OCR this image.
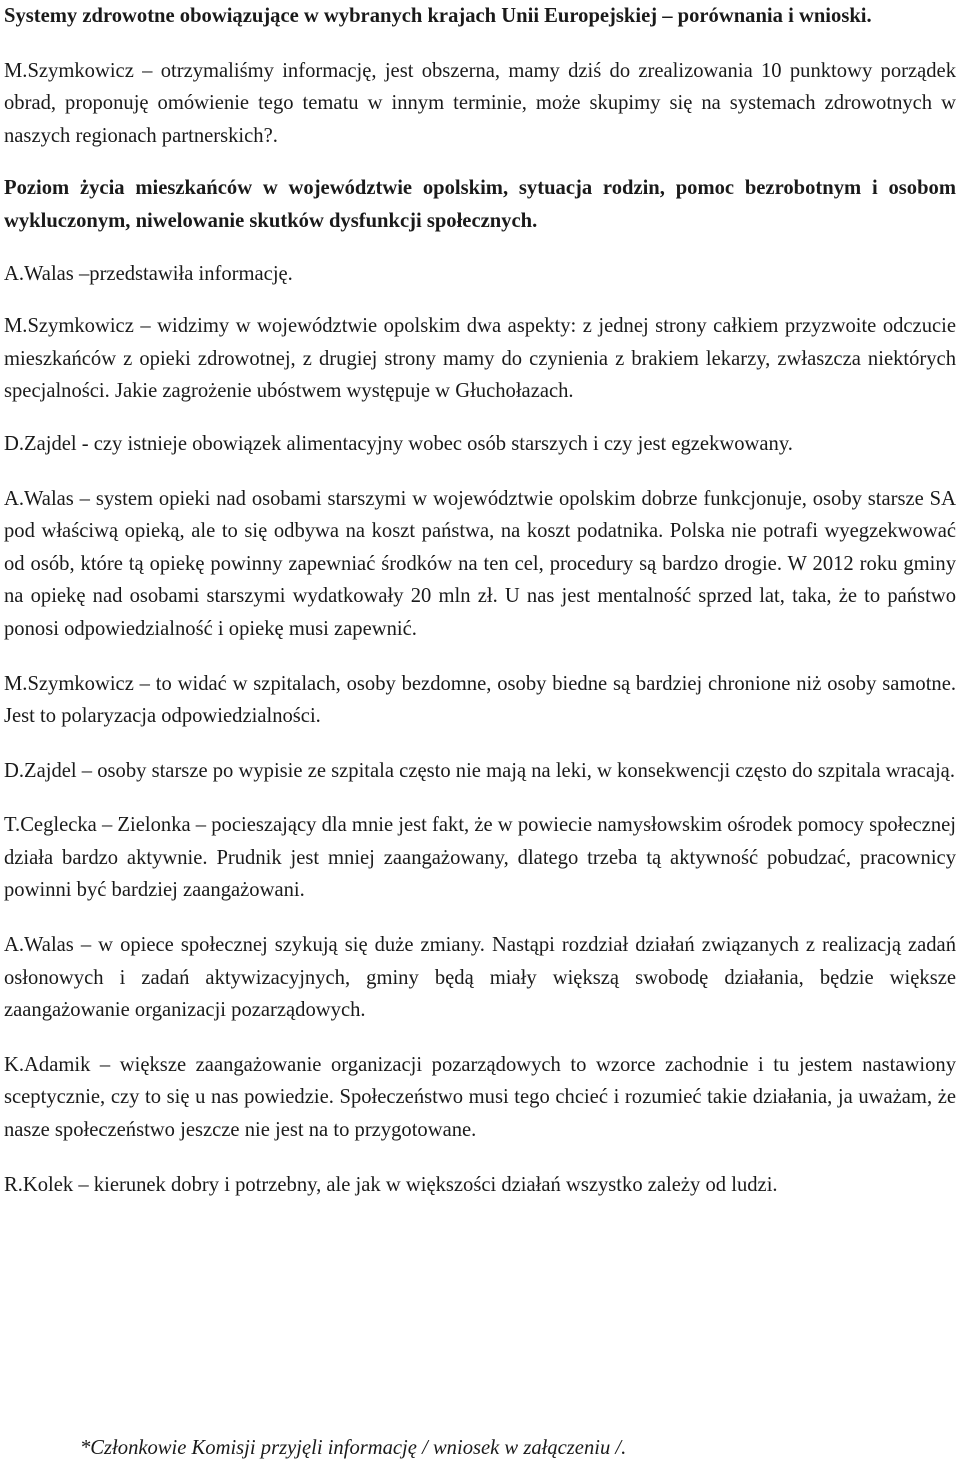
Systemy zdrowotne obowiązujące w wybranych krajach Unii Europejskiej – porównania i wnioski.

M.Szymkowicz – otrzymaliśmy informację, jest obszerna, mamy dziś do zrealizowania 10 punktowy porządek obrad, proponuję omówienie tego tematu w innym terminie, może skupimy się na systemach zdrowotnych w naszych regionach partnerskich?.

Poziom życia mieszkańców w województwie opolskim, sytuacja rodzin, pomoc bezrobotnym i osobom wykluczonym, niwelowanie skutków dysfunkcji społecznych.

A.Walas –przedstawiła informację.

M.Szymkowicz – widzimy w województwie opolskim dwa aspekty: z jednej strony całkiem przyzwoite odczucie mieszkańców z opieki zdrowotnej, z drugiej strony mamy do czynienia z brakiem lekarzy, zwłaszcza niektórych specjalności. Jakie zagrożenie ubóstwem występuje w Głuchołazach.

D.Zajdel - czy istnieje obowiązek alimentacyjny wobec osób starszych i czy jest egzekwowany.

A.Walas – system opieki nad osobami starszymi w województwie opolskim dobrze funkcjonuje, osoby starsze SA pod właściwą opieką, ale to się odbywa na koszt państwa, na koszt podatnika. Polska nie potrafi wyegzekwować od osób, które tą opiekę powinny zapewniać środków na ten cel, procedury są bardzo drogie. W 2012 roku gminy na opiekę nad osobami starszymi wydatkowały 20 mln zł. U nas jest mentalność sprzed lat, taka, że to państwo ponosi odpowiedzialność i opiekę musi zapewnić.

M.Szymkowicz – to widać w szpitalach, osoby bezdomne, osoby biedne są bardziej chronione niż osoby samotne. Jest to polaryzacja odpowiedzialności.

D.Zajdel – osoby starsze po wypisie ze szpitala często nie mają na leki, w konsekwencji często do szpitala wracają.

T.Ceglecka – Zielonka – pocieszający dla mnie jest fakt, że w powiecie namysłowskim ośrodek pomocy społecznej działa bardzo aktywnie. Prudnik jest mniej zaangażowany, dlatego trzeba tą aktywność pobudzać, pracownicy powinni być bardziej zaangażowani.

A.Walas – w opiece społecznej szykują się duże zmiany. Nastąpi rozdział działań związanych z realizacją zadań osłonowych i zadań aktywizacyjnych, gminy będą miały większą swobodę działania, będzie większe zaangażowanie organizacji pozarządowych.

K.Adamik – większe zaangażowanie organizacji pozarządowych to wzorce zachodnie i tu jestem nastawiony sceptycznie, czy to się u nas powiedzie. Społeczeństwo musi tego chcieć i rozumieć takie działania, ja uważam, że nasze społeczeństwo jeszcze nie jest na to przygotowane.

R.Kolek – kierunek dobry i potrzebny, ale jak w większości działań wszystko zależy od ludzi.

*Członkowie Komisji przyjęli informację / wniosek w załączeniu /.
